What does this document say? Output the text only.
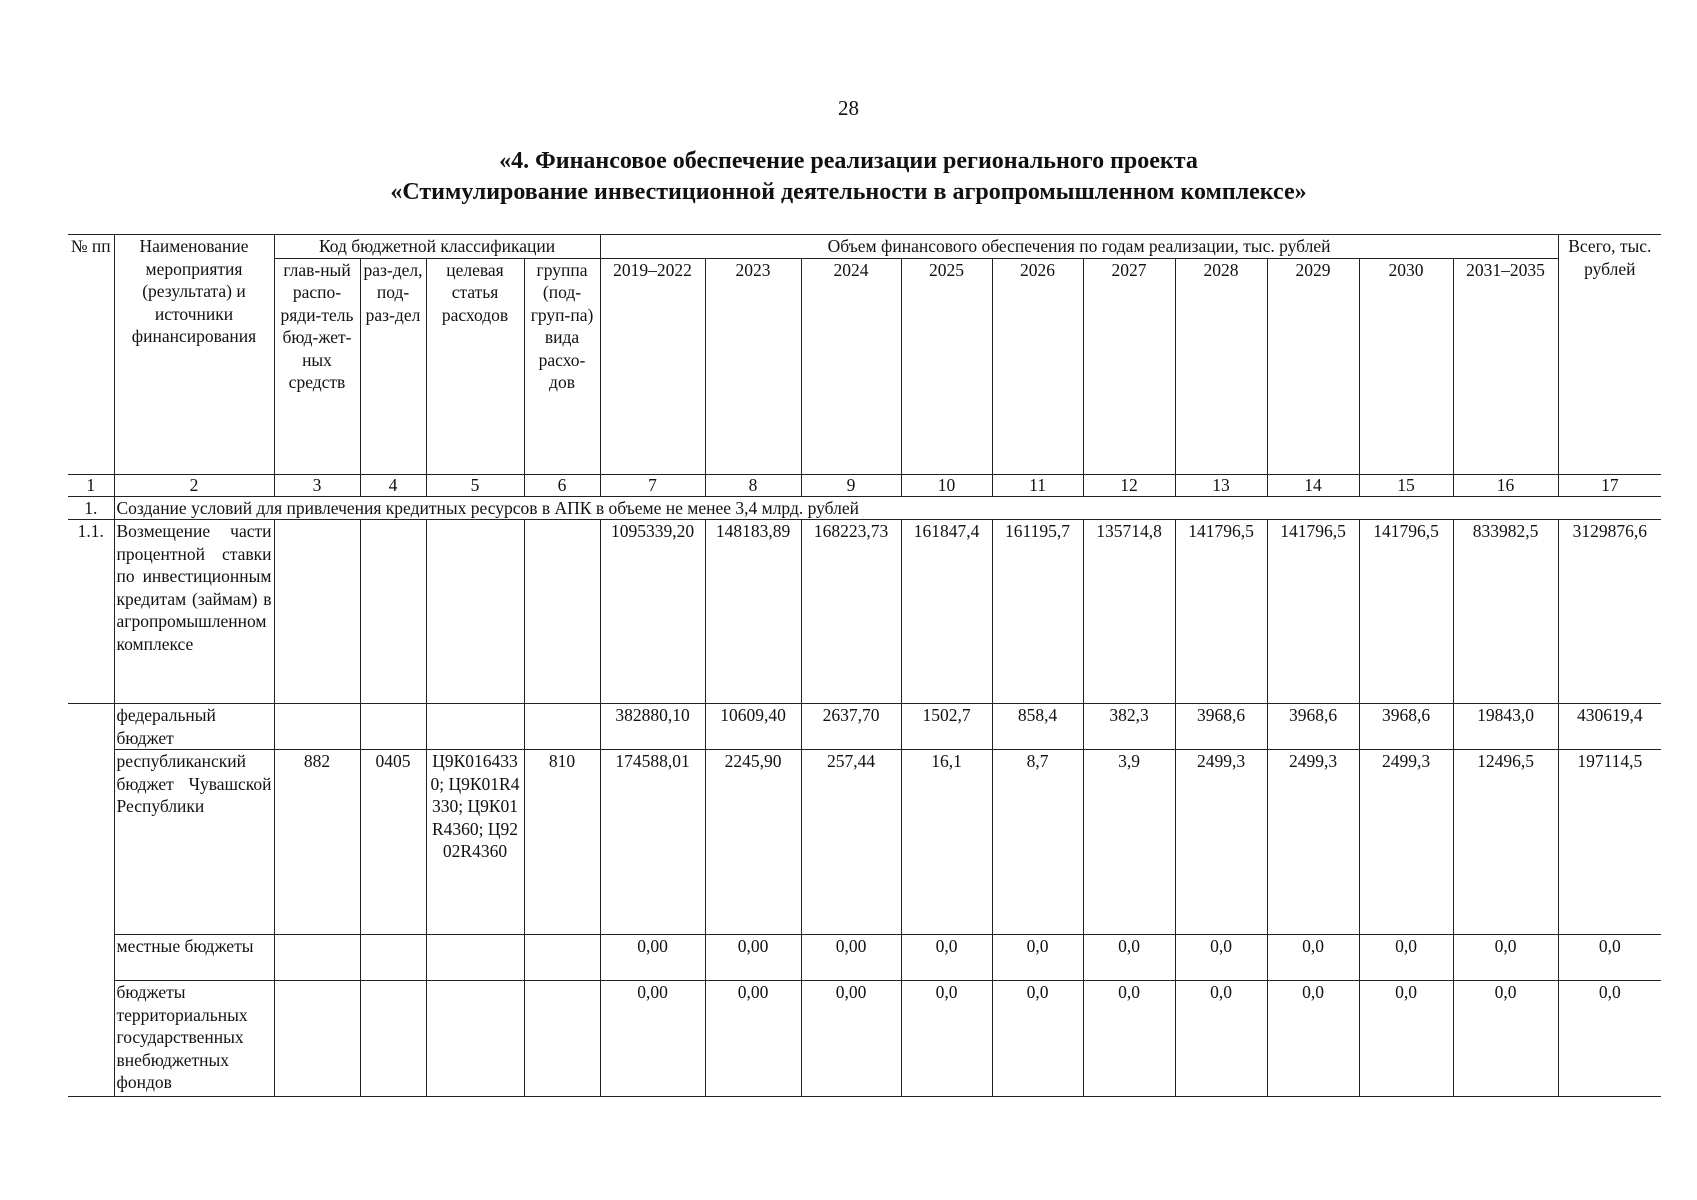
28
«4. Финансовое обеспечение реализации регионального проекта
«Стимулирование инвестиционной деятельности в агропромышленном комплексе»
№ пп	Наименование мероприятия (результата) и источники финансирования	Код бюджетной классификации				Объем финансового обеспечения по годам реализации, тыс. рублей										Всего, тыс. рублей
		глав-ный распо-ряди-тель бюд-жет-ных средств	раз-дел, под-раз-дел	целевая статья расходов	группа (под-груп-па) вида расхо-дов	2019–2022	2023	2024	2025	2026	2027	2028	2029	2030	2031–2035	
1	2	3	4	5	6	7	8	9	10	11	12	13	14	15	16	17
1.	Создание условий для привлечения кредитных ресурсов в АПК в объеме не менее 3,4 млрд. рублей															
1.1.	Возмещение части процентной ставки по инвестиционным кредитам (займам) в агропромышленном комплексе					1095339,20	148183,89	168223,73	161847,4	161195,7	135714,8	141796,5	141796,5	141796,5	833982,5	3129876,6
	федеральный бюджет					382880,10	10609,40	2637,70	1502,7	858,4	382,3	3968,6	3968,6	3968,6	19843,0	430619,4
	республиканский бюджет Чувашской Республики	882	0405	Ц9К0164330; Ц9К01R4330; Ц9К01R4360; Ц9202R4360	810	174588,01	2245,90	257,44	16,1	8,7	3,9	2499,3	2499,3	2499,3	12496,5	197114,5
	местные бюджеты					0,00	0,00	0,00	0,0	0,0	0,0	0,0	0,0	0,0	0,0	0,0
	бюджеты территориальных государственных внебюджетных фондов					0,00	0,00	0,00	0,0	0,0	0,0	0,0	0,0	0,0	0,0	0,0
